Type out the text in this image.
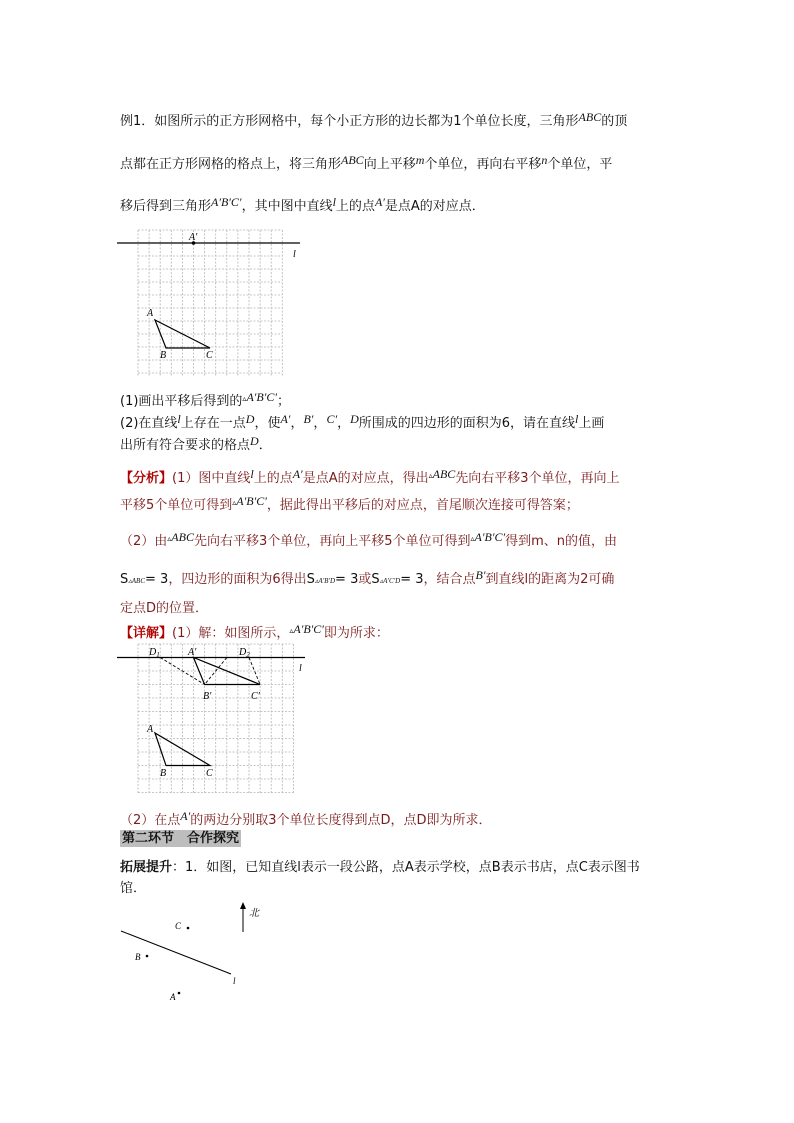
例1．如图所示的正方形网格中，每个小正方形的边长都为1个单位长度，三角形ABC的顶
点都在正方形网格的格点上，将三角形ABC向上平移m个单位，再向右平移n个单位，平
移后得到三角形A′B′C′，其中图中直线l上的点A′是点A的对应点．
A′
l
A
B	C
(1)画出平移后得到的▵A′B′C′；
(2)在直线l上存在一点D，使A′，B′，C′，D所围成的四边形的面积为6，请在直线l上画
出所有符合要求的格点D．
【分析】(1）图中直线l上的点A′是点A的对应点，得出▵ABC先向右平移3个单位，再向上
平移5个单位可得到▵A′B′C′，据此得出平移后的对应点，首尾顺次连接可得答案；
（2）由▵ABC先向右平移3个单位，再向上平移5个单位可得到▵A′B′C′得到m、n的值，由
S▵ABC= 3，四边形的面积为6得出S▵A′B′D= 3或S▵A′C′D= 3，结合点B′到直线l的距离为2可确
定点D的位置．
【详解】(1）解：如图所示，▵A′B′C′即为所求：
$D_1$	A′	$D_2$
B′	C′
l
A
B	C
（2）在点A′的两边分别取3个单位长度得到点D，点D即为所求．
第二环节　合作探究
拓展提升：1．如图，已知直线l表示一段公路，点A表示学校，点B表示书店，点C表示图书
馆．
北
C
l
B
A
